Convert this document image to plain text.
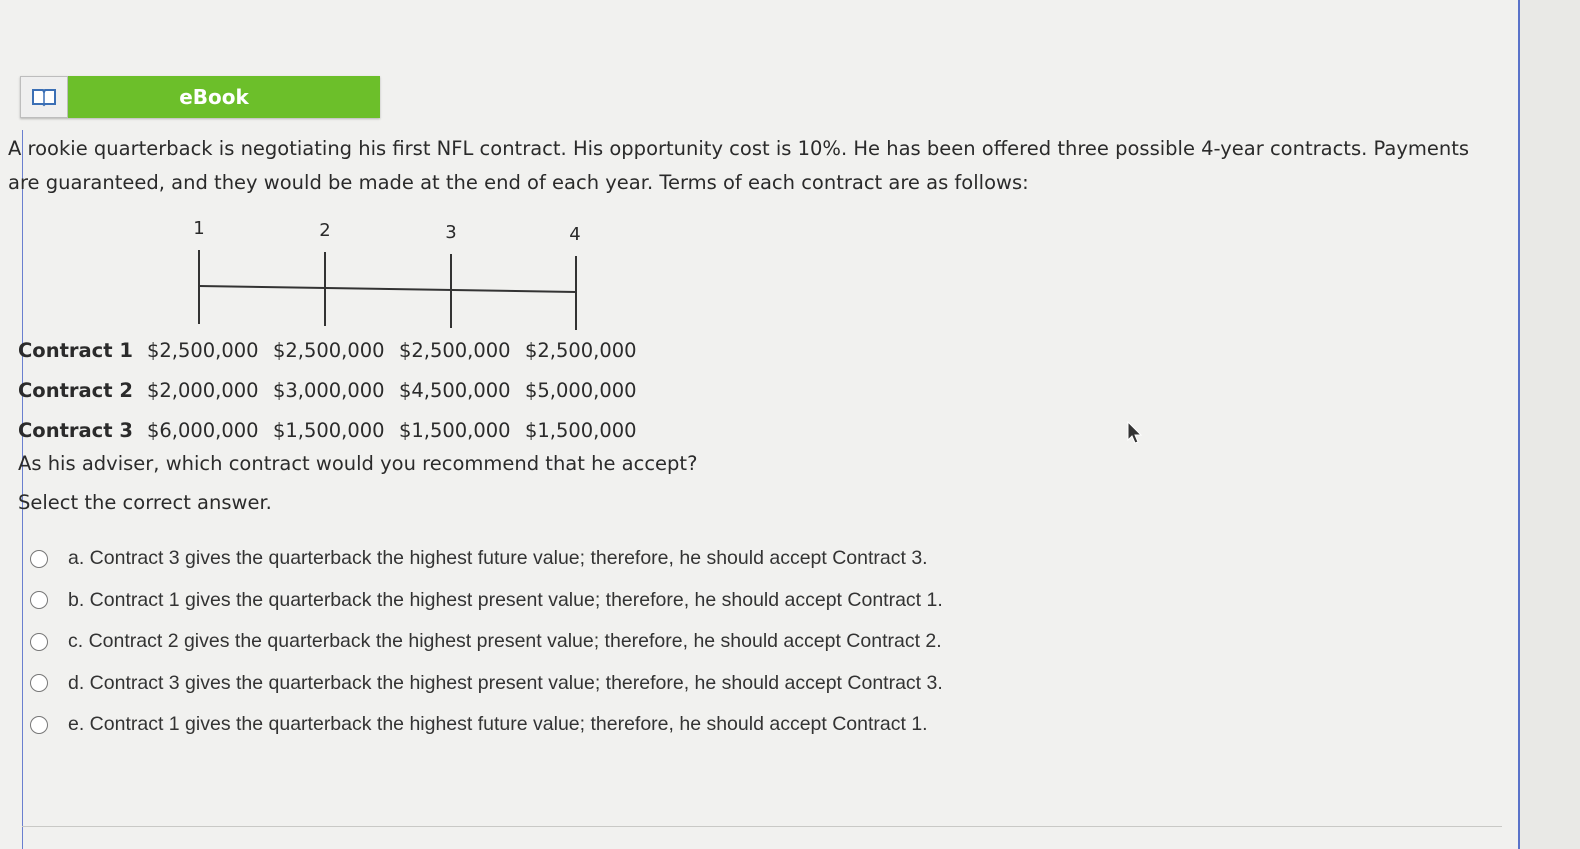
eBook
A rookie quarterback is negotiating his first NFL contract. His opportunity cost is 10%. He has been offered three possible 4-year contracts. Payments are guaranteed, and they would be made at the end of each year. Terms of each contract are as follows:
1	2	3	4
Contract 1	$2,500,000	$2,500,000	$2,500,000	$2,500,000
Contract 2	$2,000,000	$3,000,000	$4,500,000	$5,000,000
Contract 3	$6,000,000	$1,500,000	$1,500,000	$1,500,000
As his adviser, which contract would you recommend that he accept?
Select the correct answer.
a. Contract 3 gives the quarterback the highest future value; therefore, he should accept Contract 3.
b. Contract 1 gives the quarterback the highest present value; therefore, he should accept Contract 1.
c. Contract 2 gives the quarterback the highest present value; therefore, he should accept Contract 2.
d. Contract 3 gives the quarterback the highest present value; therefore, he should accept Contract 3.
e. Contract 1 gives the quarterback the highest future value; therefore, he should accept Contract 1.
